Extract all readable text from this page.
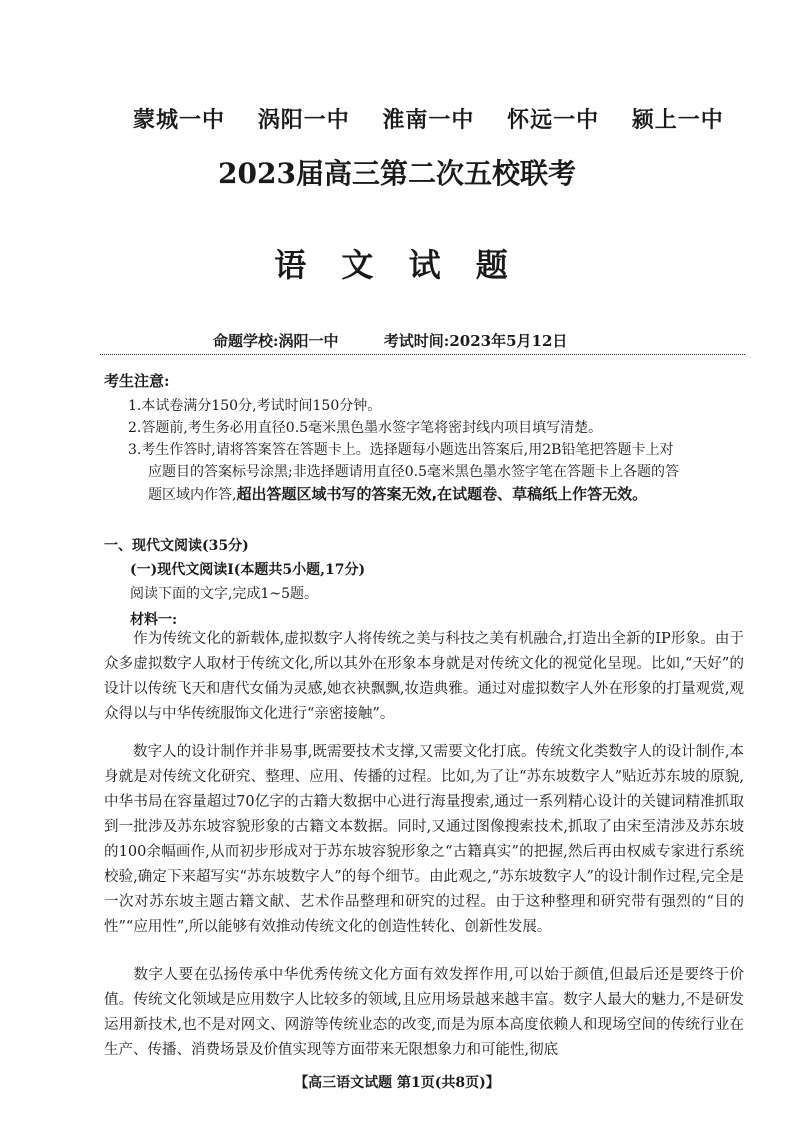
蒙城一中 涡阳一中 淮南一中 怀远一中 颍上一中
2023届高三第二次五校联考
语 文 试 题
命题学校:涡阳一中	考试时间:2023年5月12日
考生注意:
1.本试卷满分150分,考试时间150分钟。
2.答题前,考生务必用直径0.5毫米黑色墨水签字笔将密封线内项目填写清楚。
3.考生作答时,请将答案答在答题卡上。选择题每小题选出答案后,用2B铅笔把答题卡上对
应题目的答案标号涂黑;非选择题请用直径0.5毫米黑色墨水签字笔在答题卡上各题的答
题区域内作答,超出答题区域书写的答案无效,在试题卷、草稿纸上作答无效。
一、现代文阅读(35分)
(一)现代文阅读Ⅰ(本题共5小题,17分)
阅读下面的文字,完成1~5题。
材料一:

  作为传统文化的新载体,虚拟数字人将传统之美与科技之美有机融合,打造出全新的IP形象。由于众多虚拟数字人取材于传统文化,所以其外在形象本身就是对传统文化的视觉化呈现。比如,“天好”的设计以传统飞天和唐代女俑为灵感,她衣袂飘飘,妆造典雅。通过对虚拟数字人外在形象的打量观赏,观众得以与中华传统服饰文化进行“亲密接触”。

  数字人的设计制作并非易事,既需要技术支撑,又需要文化打底。传统文化类数字人的设计制作,本身就是对传统文化研究、整理、应用、传播的过程。比如,为了让“苏东坡数字人”贴近苏东坡的原貌,中华书局在容量超过70亿字的古籍大数据中心进行海量搜索,通过一系列精心设计的关键词精准抓取到一批涉及苏东坡容貌形象的古籍文本数据。同时,又通过图像搜索技术,抓取了由宋至清涉及苏东坡的100余幅画作,从而初步形成对于苏东坡容貌形象之“古籍真实”的把握,然后再由权威专家进行系统校验,确定下来超写实“苏东坡数字人”的每个细节。由此观之,“苏东坡数字人”的设计制作过程,完全是一次对苏东坡主题古籍文献、艺术作品整理和研究的过程。由于这种整理和研究带有强烈的“目的性”“应用性”,所以能够有效推动传统文化的创造性转化、创新性发展。

  数字人要在弘扬传承中华优秀传统文化方面有效发挥作用,可以始于颜值,但最后还是要终于价值。传统文化领域是应用数字人比较多的领域,且应用场景越来越丰富。数字人最大的魅力,不是研发运用新技术,也不是对网文、网游等传统业态的改变,而是为原本高度依赖人和现场空间的传统行业在生产、传播、消费场景及价值实现等方面带来无限想象力和可能性,彻底

【高三语文试题 第1页(共8页)】
